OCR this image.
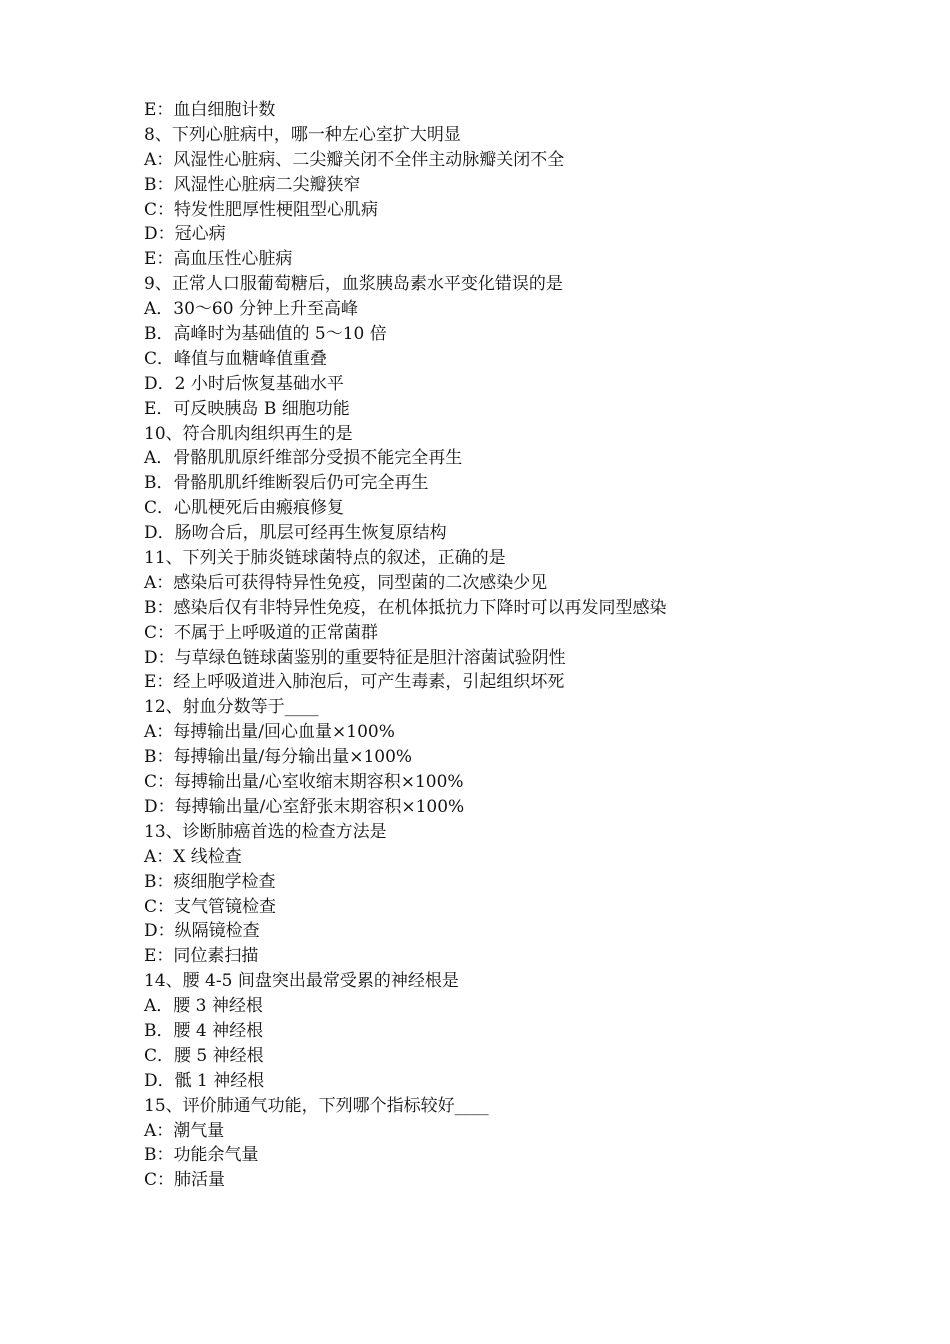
E：血白细胞计数

8、下列心脏病中，哪一种左心室扩大明显

A：风湿性心脏病、二尖瓣关闭不全伴主动脉瓣关闭不全

B：风湿性心脏病二尖瓣狭窄

C：特发性肥厚性梗阻型心肌病

D：冠心病

E：高血压性心脏病

9、正常人口服葡萄糖后，血浆胰岛素水平变化错误的是

A．30～60 分钟上升至高峰

B．高峰时为基础值的 5～10 倍

C．峰值与血糖峰值重叠

D．2 小时后恢复基础水平

E．可反映胰岛 B 细胞功能

10、符合肌肉组织再生的是

A．骨骼肌肌原纤维部分受损不能完全再生

B．骨骼肌肌纤维断裂后仍可完全再生

C．心肌梗死后由瘢痕修复

D．肠吻合后，肌层可经再生恢复原结构

11、下列关于肺炎链球菌特点的叙述，正确的是

A：感染后可获得特异性免疫，同型菌的二次感染少见

B：感染后仅有非特异性免疫，在机体抵抗力下降时可以再发同型感染

C：不属于上呼吸道的正常菌群

D：与草绿色链球菌鉴别的重要特征是胆汁溶菌试验阴性

E：经上呼吸道进入肺泡后，可产生毒素，引起组织坏死

12、射血分数等于____

A：每搏输出量/回心血量×100%

B：每搏输出量/每分输出量×100%

C：每搏输出量/心室收缩末期容积×100%

D：每搏输出量/心室舒张末期容积×100%

13、诊断肺癌首选的检查方法是

A：X 线检查

B：痰细胞学检查

C：支气管镜检查

D：纵隔镜检查

E：同位素扫描

14、腰 4-5 间盘突出最常受累的神经根是

A．腰 3 神经根

B．腰 4 神经根

C．腰 5 神经根

D．骶 1 神经根

15、评价肺通气功能，下列哪个指标较好____

A：潮气量

B：功能余气量

C：肺活量
